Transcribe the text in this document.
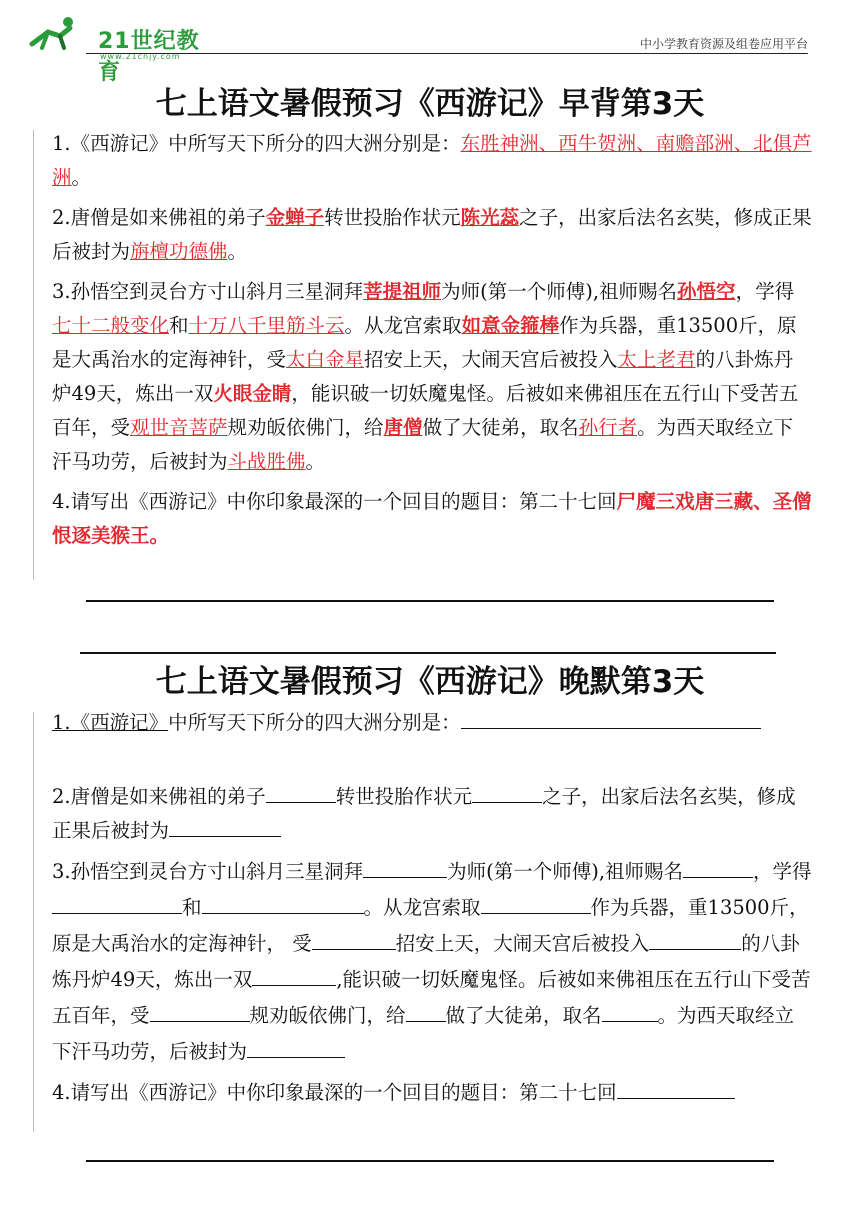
21世纪教育
www.21cnjy.com
中小学教育资源及组卷应用平台
七上语文暑假预习《西游记》早背第3天

1.《西游记》中所写天下所分的四大洲分别是：东胜神洲、西牛贺洲、南赡部洲、北俱芦洲。

2.唐僧是如来佛祖的弟子金蝉子转世投胎作状元陈光蕊之子，出家后法名玄奘，修成正果后被封为旃檀功德佛。

3.孙悟空到灵台方寸山斜月三星洞拜菩提祖师为师(第一个师傅),祖师赐名孙悟空，学得七十二般变化和十万八千里筋斗云。从龙宫索取如意金箍棒作为兵器，重13500斤，原是大禹治水的定海神针，受太白金星招安上天，大闹天宫后被投入太上老君的八卦炼丹炉49天，炼出一双火眼金睛，能识破一切妖魔鬼怪。后被如来佛祖压在五行山下受苦五百年，受观世音菩萨规劝皈依佛门，给唐僧做了大徒弟，取名孙行者。为西天取经立下汗马功劳，后被封为斗战胜佛。

4.请写出《西游记》中你印象最深的一个回目的题目：第二十七回尸魔三戏唐三藏、圣僧恨逐美猴王。

七上语文暑假预习《西游记》晚默第3天

1.《西游记》中所写天下所分的四大洲分别是：

2.唐僧是如来佛祖的弟子	转世投胎作状元	之子，出家后法名玄奘，修成正果后被封为

3.孙悟空到灵台方寸山斜月三星洞拜	为师(第一个师傅),祖师赐名	，学得和	。从龙宫索取	作为兵器，重13500斤，原是大禹治水的定海神针， 受	招安上天，大闹天宫后被投入	的八卦炼丹炉49天，炼出一双	,能识破一切妖魔鬼怪。后被如来佛祖压在五行山下受苦五百年，受	规劝皈依佛门，给 做了大徒弟，取名	。为西天取经立下汗马功劳，后被封为

4.请写出《西游记》中你印象最深的一个回目的题目：第二十七回
